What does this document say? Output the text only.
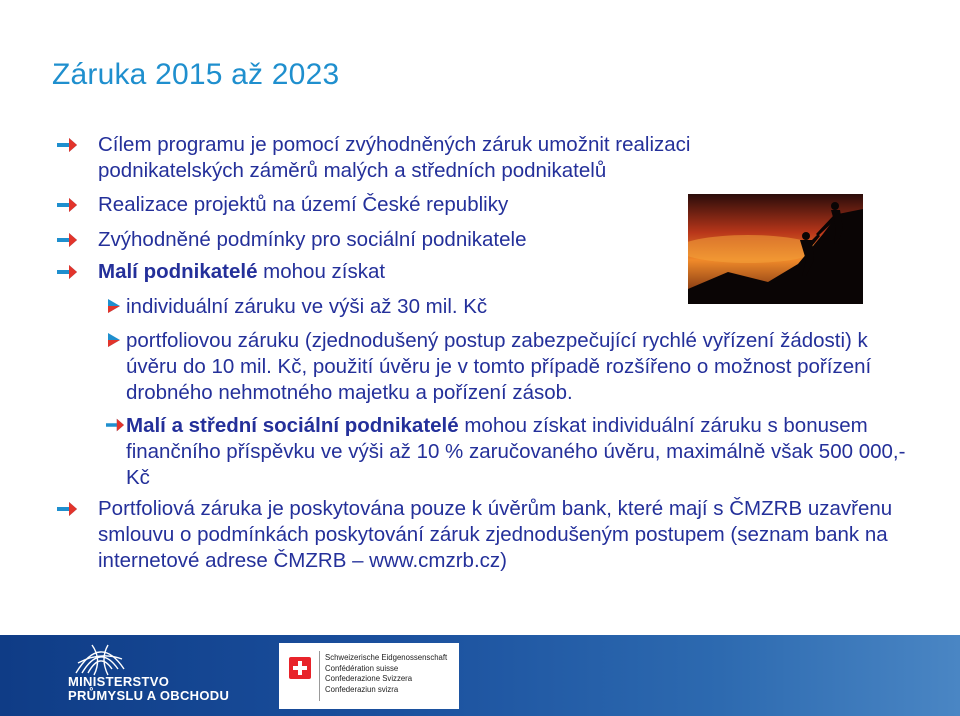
Záruka 2015 až 2023
Cílem programu je pomocí zvýhodněných záruk umožnit realizaci podnikatelských záměrů malých a středních podnikatelů
Realizace projektů na území České republiky
Zvýhodněné podmínky pro sociální podnikatele
Malí podnikatelé mohou získat
individuální záruku ve výši až 30 mil. Kč
portfoliovou záruku (zjednodušený postup zabezpečující rychlé vyřízení žádosti) k úvěru do 10 mil. Kč, použití úvěru je v tomto případě rozšířeno o možnost pořízení drobného nehmotného majetku a pořízení zásob.
Malí a střední sociální podnikatelé mohou získat individuální záruku s bonusem finančního příspěvku ve výši až 10 % zaručovaného úvěru, maximálně však 500 000,- Kč
Portfoliová záruka je poskytována pouze k úvěrům bank, které mají s ČMZRB uzavřenu smlouvu o podmínkách poskytování záruk zjednodušeným postupem (seznam bank na internetové adrese ČMZRB – www.cmzrb.cz)
MINISTERSTVO
PRŮMYSLU A OBCHODU
Schweizerische Eidgenossenschaft
Confédération suisse
Confederazione Svizzera
Confederaziun svizra
